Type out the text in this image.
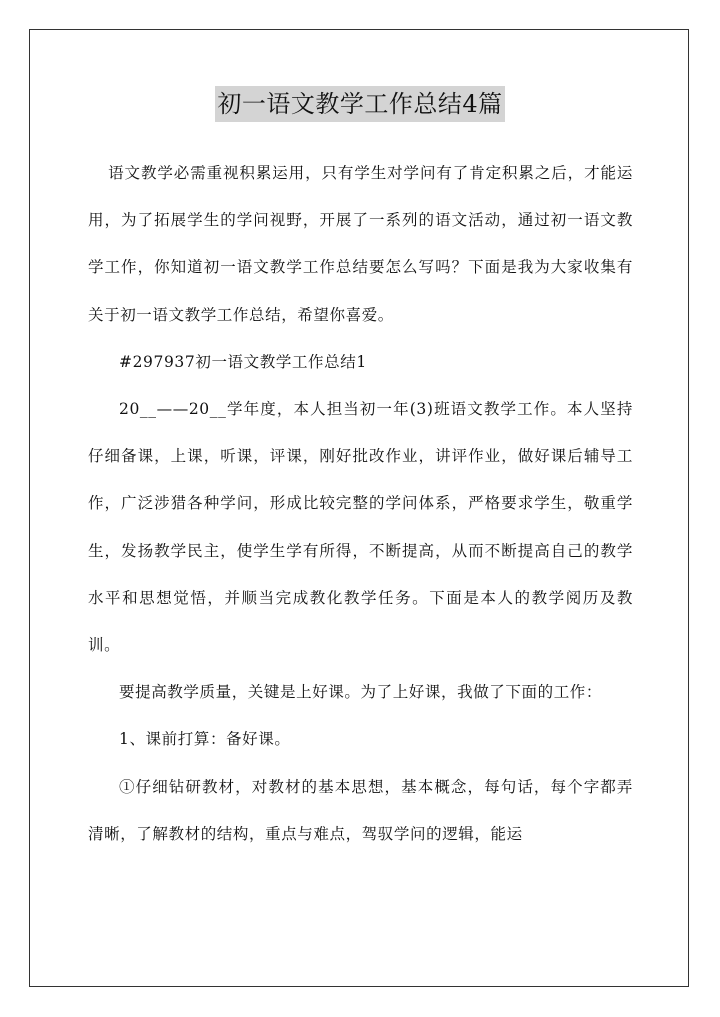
初一语文教学工作总结4篇

语文教学必需重视积累运用，只有学生对学问有了肯定积累之后，才能运用，为了拓展学生的学问视野，开展了一系列的语文活动，通过初一语文教学工作，你知道初一语文教学工作总结要怎么写吗？下面是我为大家收集有关于初一语文教学工作总结，希望你喜爱。

#297937初一语文教学工作总结1

20__——20__学年度，本人担当初一年(3)班语文教学工作。本人坚持仔细备课，上课，听课，评课，刚好批改作业，讲评作业，做好课后辅导工作，广泛涉猎各种学问，形成比较完整的学问体系，严格要求学生，敬重学生，发扬教学民主，使学生学有所得，不断提高，从而不断提高自己的教学水平和思想觉悟，并顺当完成教化教学任务。下面是本人的教学阅历及教训。

要提高教学质量，关键是上好课。为了上好课，我做了下面的工作：

1、课前打算：备好课。

①仔细钻研教材，对教材的基本思想，基本概念，每句话，每个字都弄清晰，了解教材的结构，重点与难点，驾驭学问的逻辑，能运
